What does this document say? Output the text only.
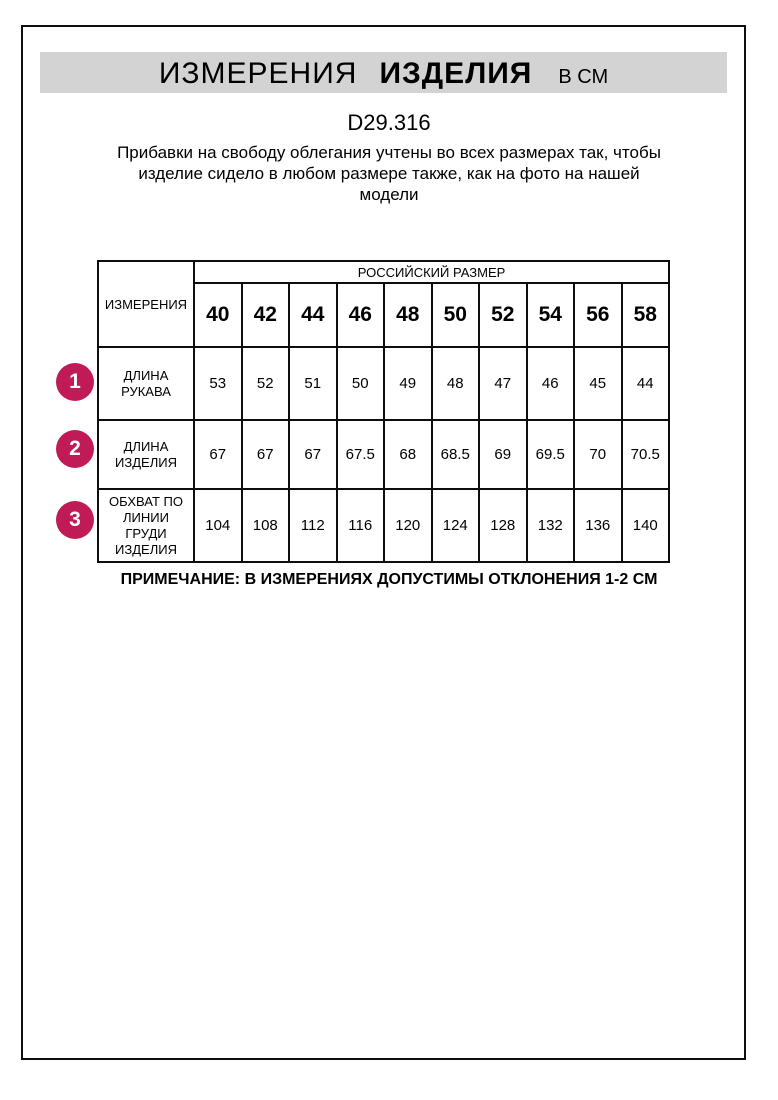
ИЗМЕРЕНИЯ ИЗДЕЛИЯ В СМ
D29.316
Прибавки на свободу облегания учтены во всех размерах так, чтобы
изделие сидело в любом размере также, как на фото на нашей
модели
ИЗМЕРЕНИЯ	РОССИЙСКИЙ РАЗМЕР									
	40	42	44	46	48	50	52	54	56	58

ДЛИНА
РУКАВА	53	52	51	50	49	48	47	46	45	44

ДЛИНА
ИЗДЕЛИЯ	67	67	67	67.5	68	68.5	69	69.5	70	70.5

ОБХВАТ ПО
ЛИНИИ
ГРУДИ
ИЗДЕЛИЯ	104	108	112	116	120	124	128	132	136	140
1
2
3
ПРИМЕЧАНИЕ: В ИЗМЕРЕНИЯХ ДОПУСТИМЫ ОТКЛОНЕНИЯ 1-2 СМ
